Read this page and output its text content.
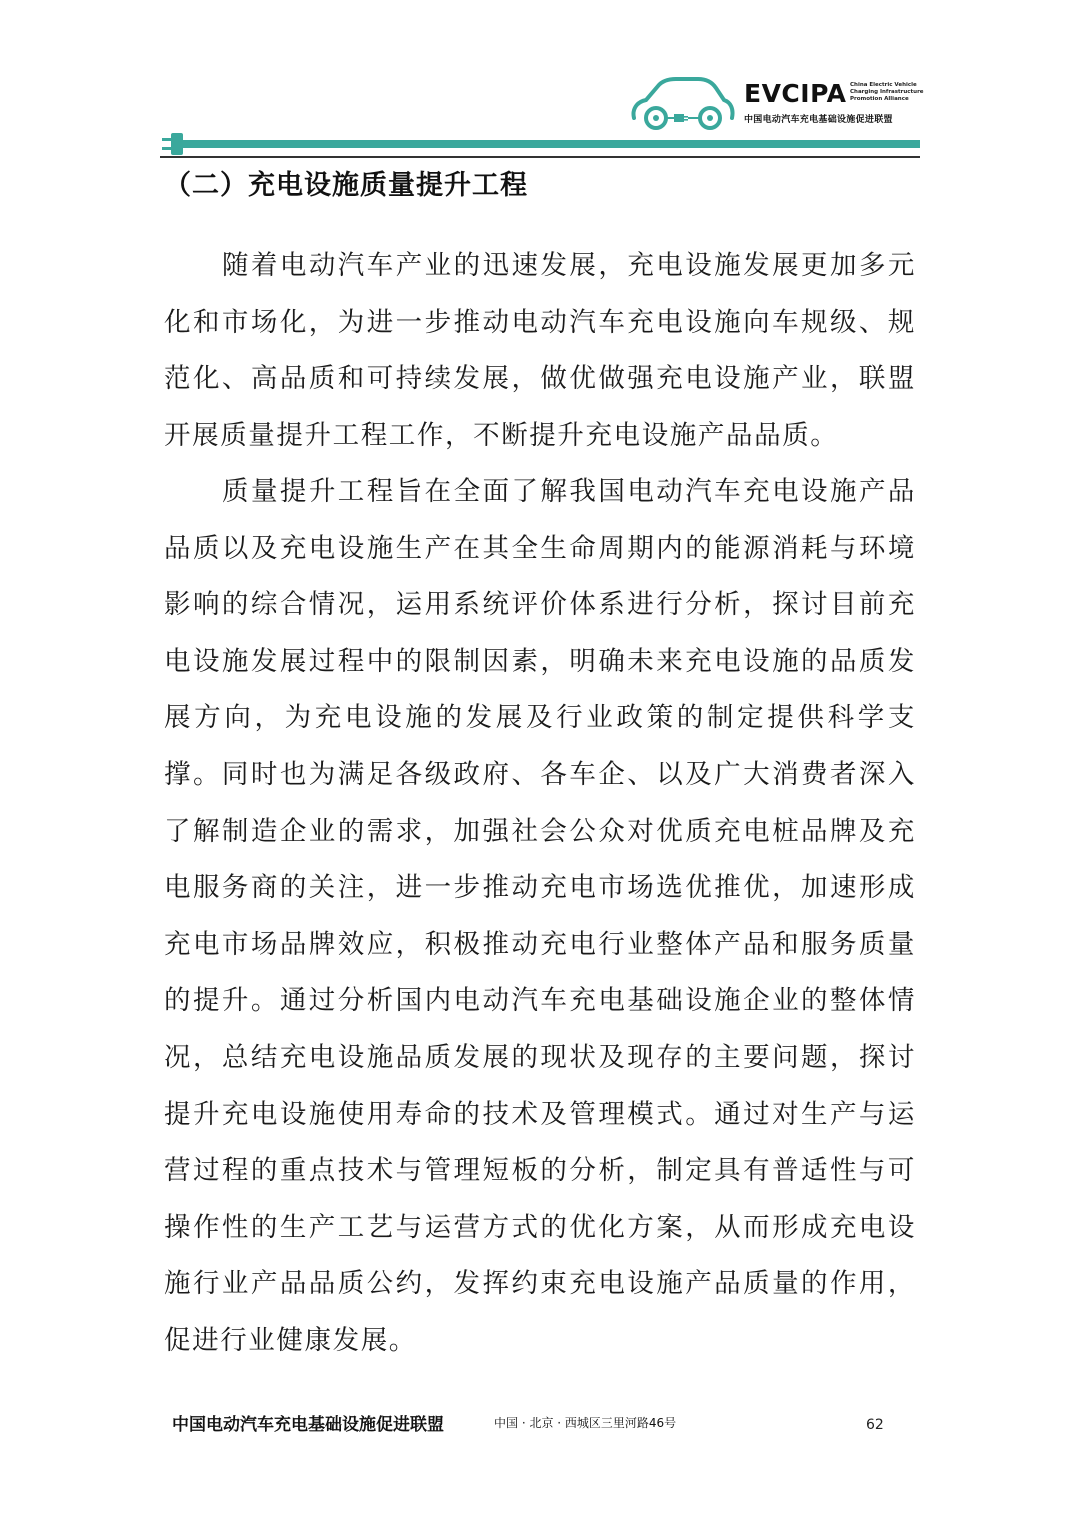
EVCIPA China Electric Vehicle
Charging Infrastructure
Promotion Alliance
中国电动汽车充电基础设施促进联盟
（二）充电设施质量提升工程

随着电动汽车产业的迅速发展，充电设施发展更加多元化和市场化，为进一步推动电动汽车充电设施向车规级、规范化、高品质和可持续发展，做优做强充电设施产业，联盟开展质量提升工程工作，不断提升充电设施产品品质。

质量提升工程旨在全面了解我国电动汽车充电设施产品品质以及充电设施生产在其全生命周期内的能源消耗与环境影响的综合情况，运用系统评价体系进行分析，探讨目前充电设施发展过程中的限制因素，明确未来充电设施的品质发展方向，为充电设施的发展及行业政策的制定提供科学支撑。同时也为满足各级政府、各车企、以及广大消费者深入了解制造企业的需求，加强社会公众对优质充电桩品牌及充电服务商的关注，进一步推动充电市场选优推优，加速形成充电市场品牌效应，积极推动充电行业整体产品和服务质量的提升。通过分析国内电动汽车充电基础设施企业的整体情况，总结充电设施品质发展的现状及现存的主要问题，探讨提升充电设施使用寿命的技术及管理模式。通过对生产与运营过程的重点技术与管理短板的分析，制定具有普适性与可操作性的生产工艺与运营方式的优化方案，从而形成充电设施行业产品品质公约，发挥约束充电设施产品质量的作用，促进行业健康发展。

中国电动汽车充电基础设施促进联盟	中国 · 北京 · 西城区三里河路46号	62
